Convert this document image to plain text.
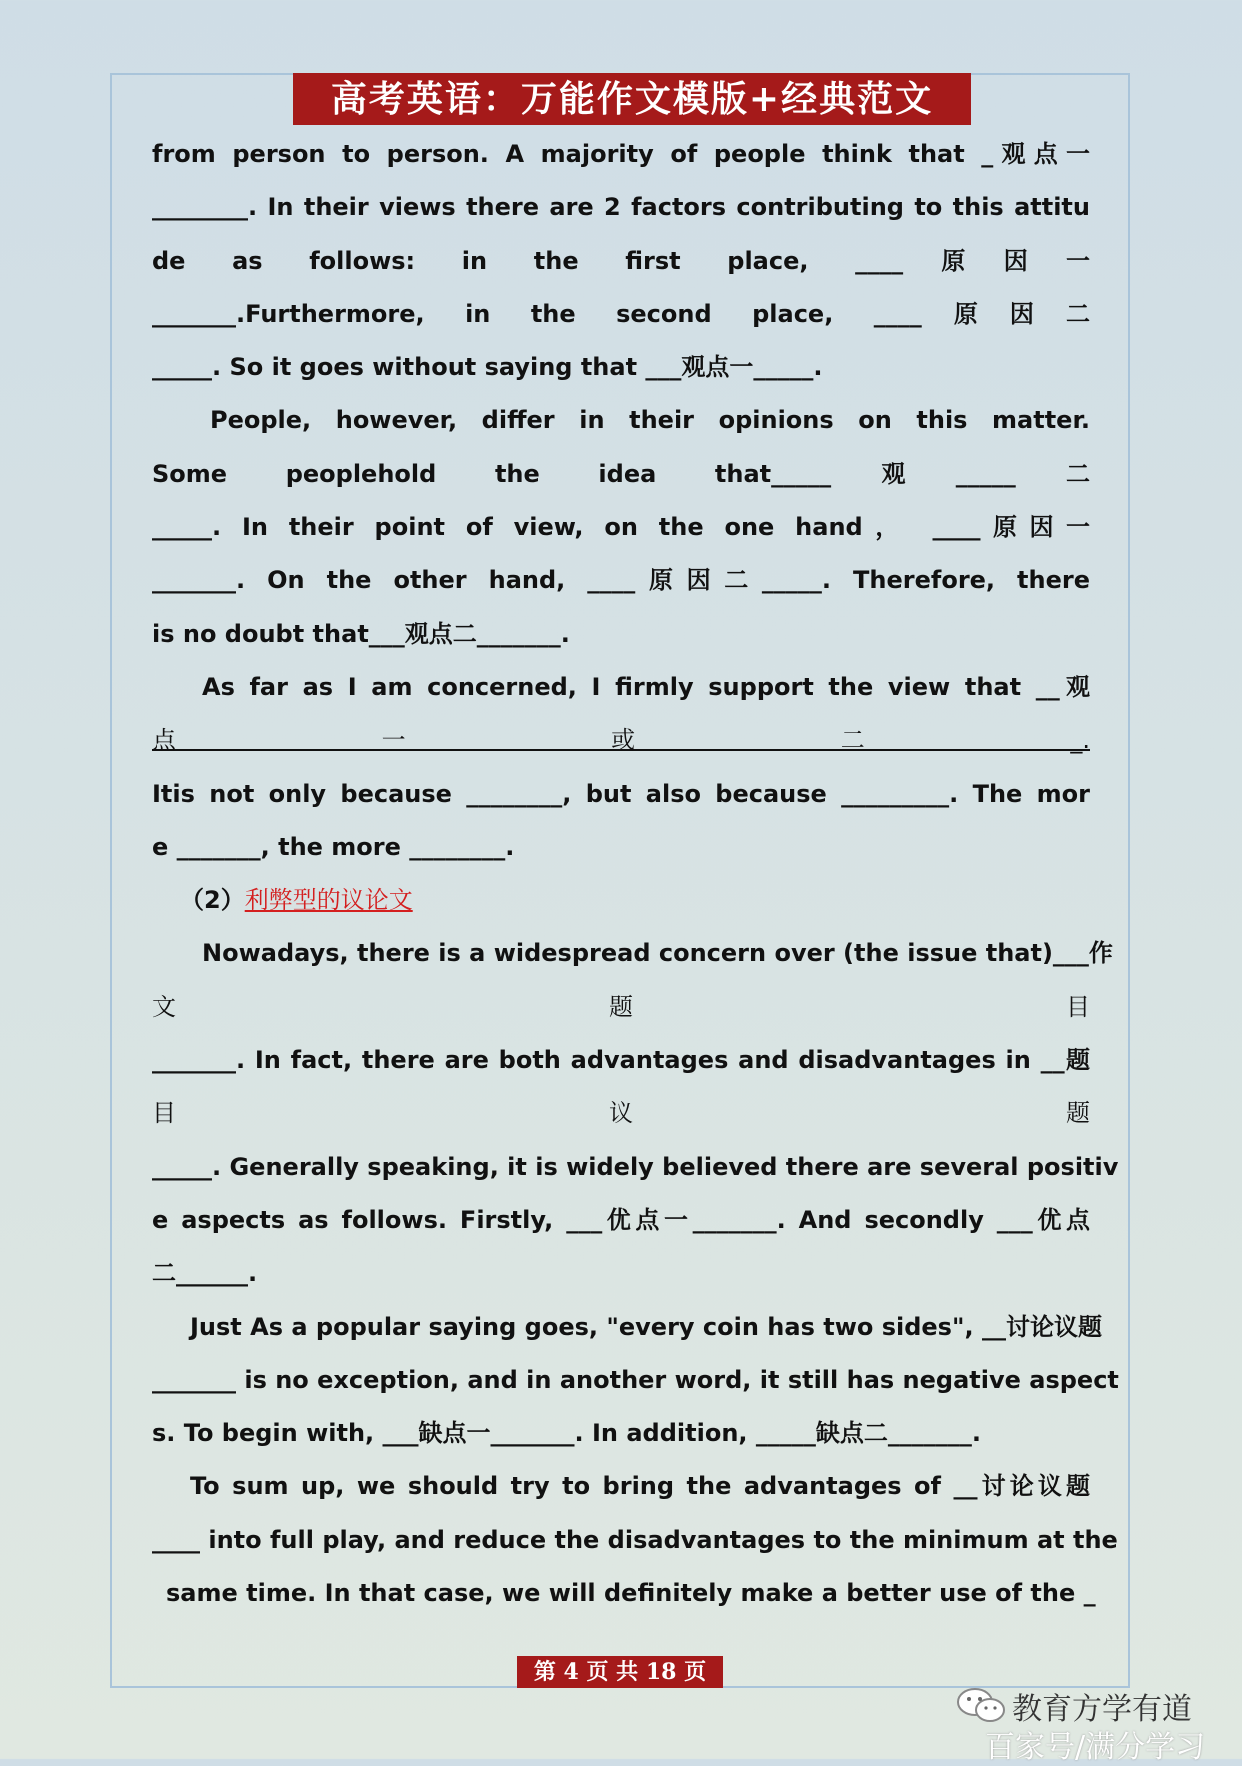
高考英语：万能作文模版+经典范文
from person to person. A majority of people think that _观点一
________. In their views there are 2 factors contributing to this attitu
de as follows: in the first place, ____原因一
_______.Furthermore, in the second place, ____原因二
_____. So it goes without saying that ___观点一_____.
People, however, differ in their opinions on this matter.
Some peoplehold the idea that_____观_____二
_____. In their point of view, on the one hand， ____原因一
_______. On the other hand, ____原因二_____. Therefore, there
is no doubt that___观点二_______.
As far as I am concerned, I firmly support the view that __观
点 一 或 二 _.
Itis not only because ________, but also because _________. The mor
e _______, the more ________.
（2）利弊型的议论文
Nowadays, there is a widespread concern over (the issue that)___作
文 题 目
_______. In fact, there are both advantages and disadvantages in __题
目 议 题
_____. Generally speaking, it is widely believed there are several positiv
e aspects as follows. Firstly, ___优点一_______. And secondly ___优点
二______.
Just As a popular saying goes, "every coin has two sides", __讨论议题
_______ is no exception, and in another word, it still has negative aspect
s. To begin with, ___缺点一_______. In addition, _____缺点二_______.
To sum up, we should try to bring the advantages of __讨论议题
____ into full play, and reduce the disadvantages to the minimum at the
same time. In that case, we will definitely make a better use of the _
第 4 页 共 18 页
教育方学有道
百家号/满分学习
